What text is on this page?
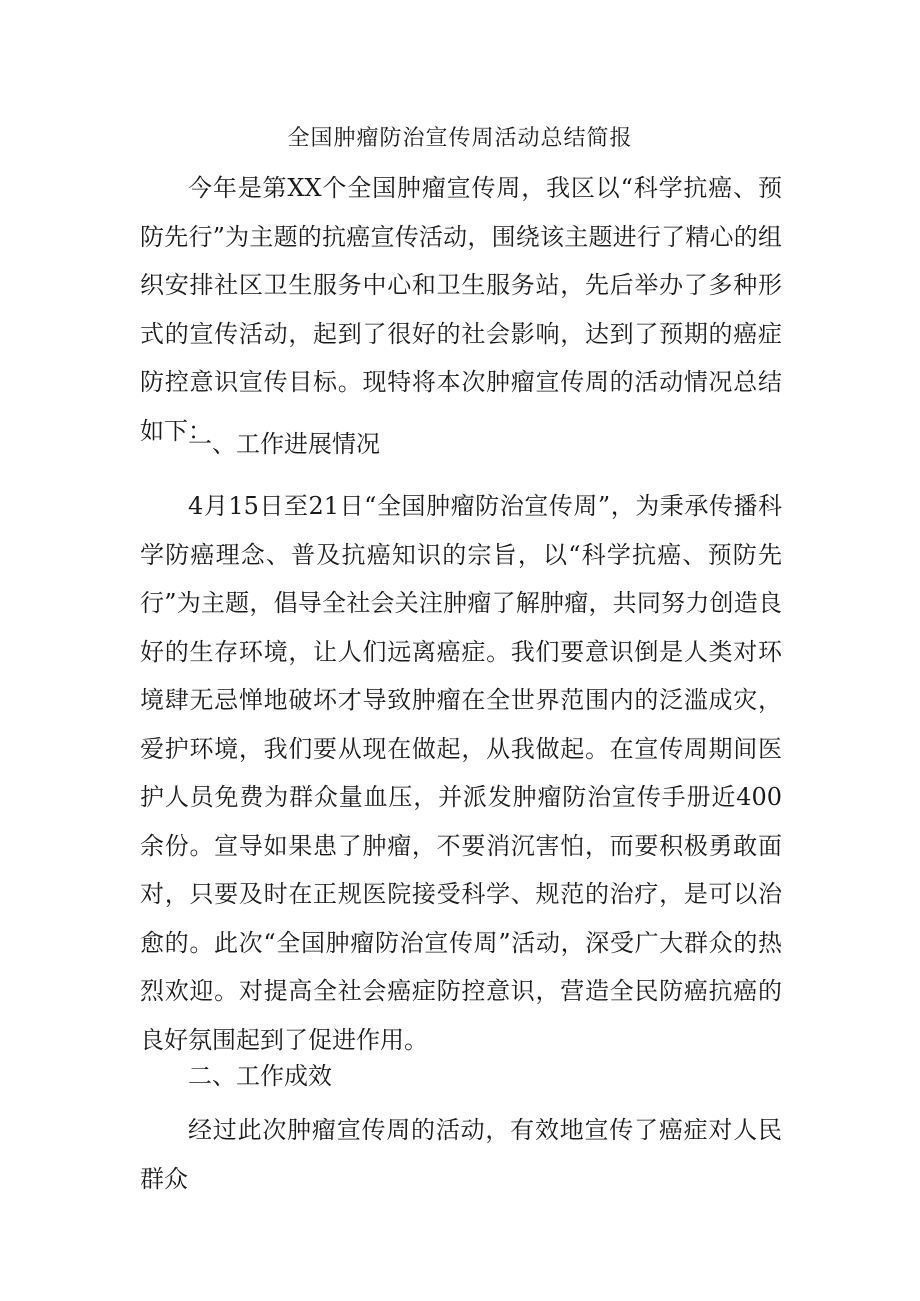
全国肿瘤防治宣传周活动总结简报

今年是第XX个全国肿瘤宣传周，我区以“科学抗癌、预防先行”为主题的抗癌宣传活动，围绕该主题进行了精心的组织安排社区卫生服务中心和卫生服务站，先后举办了多种形式的宣传活动，起到了很好的社会影响，达到了预期的癌症防控意识宣传目标。现特将本次肿瘤宣传周的活动情况总结如下：

一、工作进展情况

4月15日至21日“全国肿瘤防治宣传周”，为秉承传播科学防癌理念、普及抗癌知识的宗旨，以“科学抗癌、预防先行”为主题，倡导全社会关注肿瘤了解肿瘤，共同努力创造良好的生存环境，让人们远离癌症。我们要意识倒是人类对环境肆无忌惮地破坏才导致肿瘤在全世界范围内的泛滥成灾，爱护环境，我们要从现在做起，从我做起。在宣传周期间医护人员免费为群众量血压，并派发肿瘤防治宣传手册近400余份。宣导如果患了肿瘤，不要消沉害怕，而要积极勇敢面对，只要及时在正规医院接受科学、规范的治疗，是可以治愈的。此次“全国肿瘤防治宣传周”活动，深受广大群众的热烈欢迎。对提高全社会癌症防控意识，营造全民防癌抗癌的良好氛围起到了促进作用。

二、工作成效

经过此次肿瘤宣传周的活动，有效地宣传了癌症对人民群众
